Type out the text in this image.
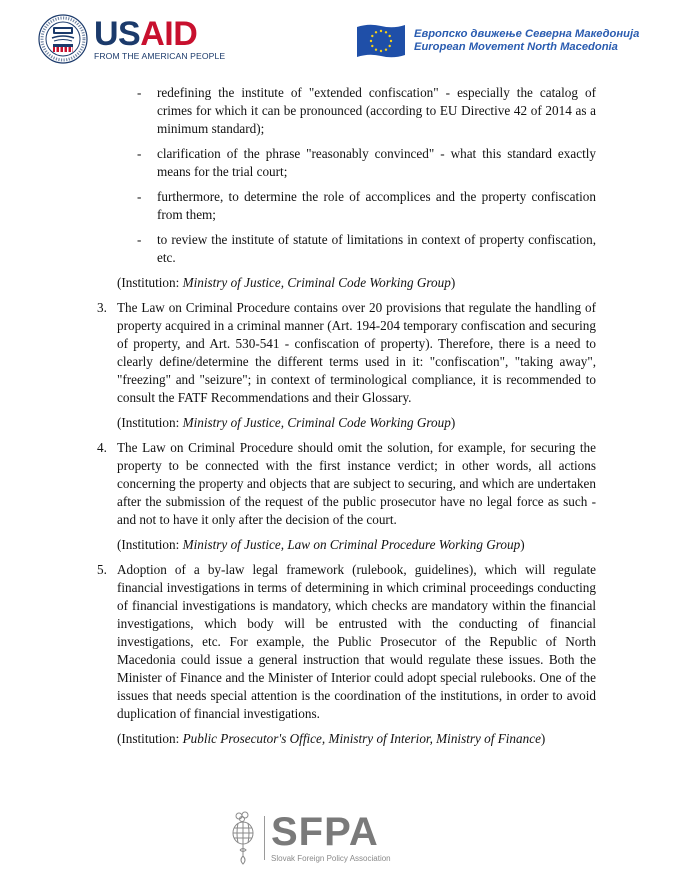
USAID
FROM THE AMERICAN PEOPLE
Европско движење Северна Македонија
European Movement North Macedonia
- redefining the institute of "extended confiscation" - especially the catalog of crimes for which it can be pronounced (according to EU Directive 42 of 2014 as a minimum standard);
- clarification of the phrase "reasonably convinced" - what this standard exactly means for the trial court;
- furthermore, to determine the role of accomplices and the property confiscation from them;
- to review the institute of statute of limitations in context of property confiscation, etc.
(Institution: Ministry of Justice, Criminal Code Working Group)
3. The Law on Criminal Procedure contains over 20 provisions that regulate the handling of property acquired in a criminal manner (Art. 194-204 temporary confiscation and securing of property, and Art. 530-541 - confiscation of property). Therefore, there is a need to clearly define/determine the different terms used in it: "confiscation", "taking away", "freezing" and "seizure"; in context of terminological compliance, it is recommended to consult the FATF Recommendations and their Glossary.
(Institution: Ministry of Justice, Criminal Code Working Group)
4. The Law on Criminal Procedure should omit the solution, for example, for securing the property to be connected with the first instance verdict; in other words, all actions concerning the property and objects that are subject to securing, and which are undertaken after the submission of the request of the public prosecutor have no legal force as such - and not to have it only after the decision of the court.
(Institution: Ministry of Justice, Law on Criminal Procedure Working Group)
5. Adoption of a by-law legal framework (rulebook, guidelines), which will regulate financial investigations in terms of determining in which criminal proceedings conducting of financial investigations is mandatory, which checks are mandatory within the financial investigations, which body will be entrusted with the conducting of financial investigations, etc. For example, the Public Prosecutor of the Republic of North Macedonia could issue a general instruction that would regulate these issues. Both the Minister of Finance and the Minister of Interior could adopt special rulebooks. One of the issues that needs special attention is the coordination of the institutions, in order to avoid duplication of financial investigations.
(Institution: Public Prosecutor's Office, Ministry of Interior, Ministry of Finance)
SFPA
Slovak Foreign Policy Association
